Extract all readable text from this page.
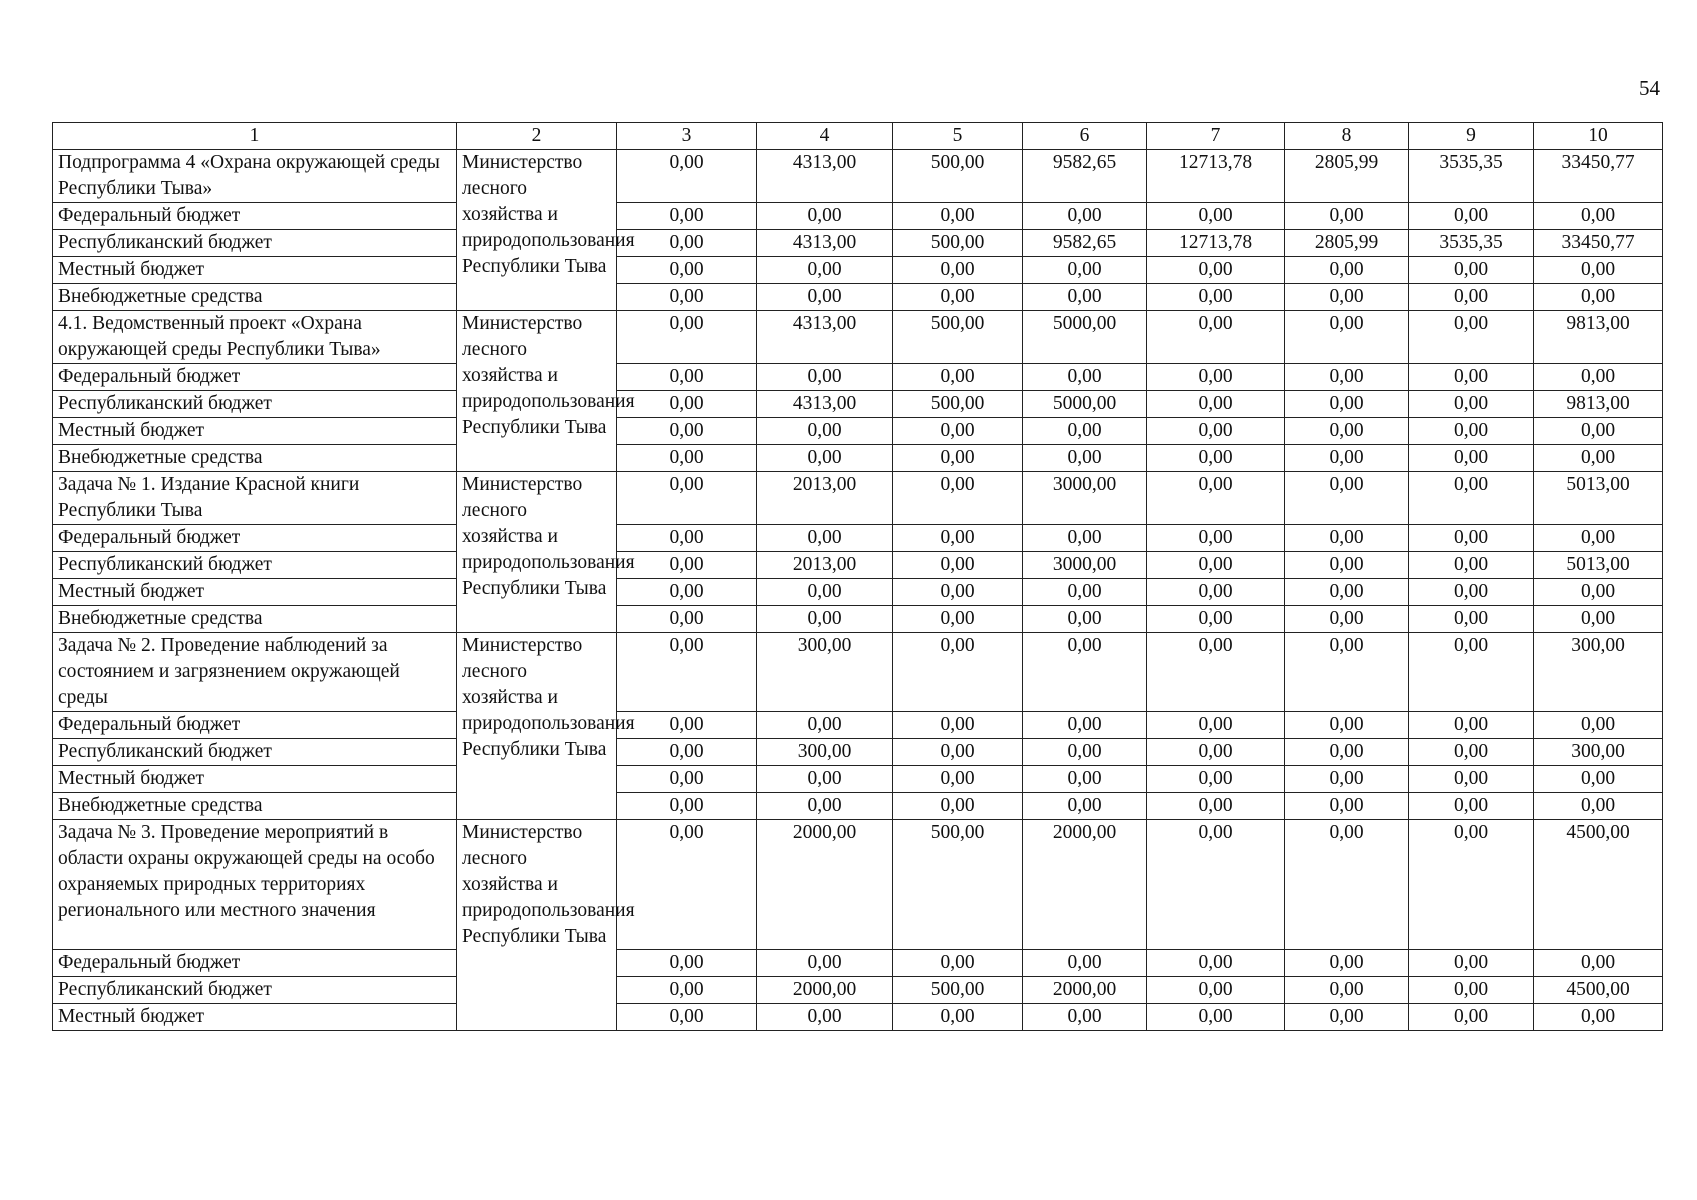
54
1	2	3	4	5	6	7	8	9	10
Подпрограмма 4 «Охрана окружающей среды Республики Тыва»	Министерство лесного хозяйства и природопользования Республики Тыва	0,00	4313,00	500,00	9582,65	12713,78	2805,99	3535,35	33450,77
Федеральный бюджет		0,00	0,00	0,00	0,00	0,00	0,00	0,00	0,00
Республиканский бюджет		0,00	4313,00	500,00	9582,65	12713,78	2805,99	3535,35	33450,77
Местный бюджет		0,00	0,00	0,00	0,00	0,00	0,00	0,00	0,00
Внебюджетные средства		0,00	0,00	0,00	0,00	0,00	0,00	0,00	0,00
4.1. Ведомственный проект «Охрана окружающей среды Республики Тыва»	Министерство лесного хозяйства и природопользования Республики Тыва	0,00	4313,00	500,00	5000,00	0,00	0,00	0,00	9813,00
Федеральный бюджет		0,00	0,00	0,00	0,00	0,00	0,00	0,00	0,00
Республиканский бюджет		0,00	4313,00	500,00	5000,00	0,00	0,00	0,00	9813,00
Местный бюджет		0,00	0,00	0,00	0,00	0,00	0,00	0,00	0,00
Внебюджетные средства		0,00	0,00	0,00	0,00	0,00	0,00	0,00	0,00
Задача № 1. Издание Красной книги Республики Тыва	Министерство лесного хозяйства и природопользования Республики Тыва	0,00	2013,00	0,00	3000,00	0,00	0,00	0,00	5013,00
Федеральный бюджет		0,00	0,00	0,00	0,00	0,00	0,00	0,00	0,00
Республиканский бюджет		0,00	2013,00	0,00	3000,00	0,00	0,00	0,00	5013,00
Местный бюджет		0,00	0,00	0,00	0,00	0,00	0,00	0,00	0,00
Внебюджетные средства		0,00	0,00	0,00	0,00	0,00	0,00	0,00	0,00
Задача № 2. Проведение наблюдений за состоянием и загрязнением окружающей среды	Министерство лесного хозяйства и природопользования Республики Тыва	0,00	300,00	0,00	0,00	0,00	0,00	0,00	300,00
Федеральный бюджет		0,00	0,00	0,00	0,00	0,00	0,00	0,00	0,00
Республиканский бюджет		0,00	300,00	0,00	0,00	0,00	0,00	0,00	300,00
Местный бюджет		0,00	0,00	0,00	0,00	0,00	0,00	0,00	0,00
Внебюджетные средства		0,00	0,00	0,00	0,00	0,00	0,00	0,00	0,00
Задача № 3. Проведение мероприятий в области охраны окружающей среды на особо охраняемых природных территориях регионального или местного значения	Министерство лесного хозяйства и природопользования Республики Тыва	0,00	2000,00	500,00	2000,00	0,00	0,00	0,00	4500,00
Федеральный бюджет		0,00	0,00	0,00	0,00	0,00	0,00	0,00	0,00
Республиканский бюджет		0,00	2000,00	500,00	2000,00	0,00	0,00	0,00	4500,00
Местный бюджет		0,00	0,00	0,00	0,00	0,00	0,00	0,00	0,00
